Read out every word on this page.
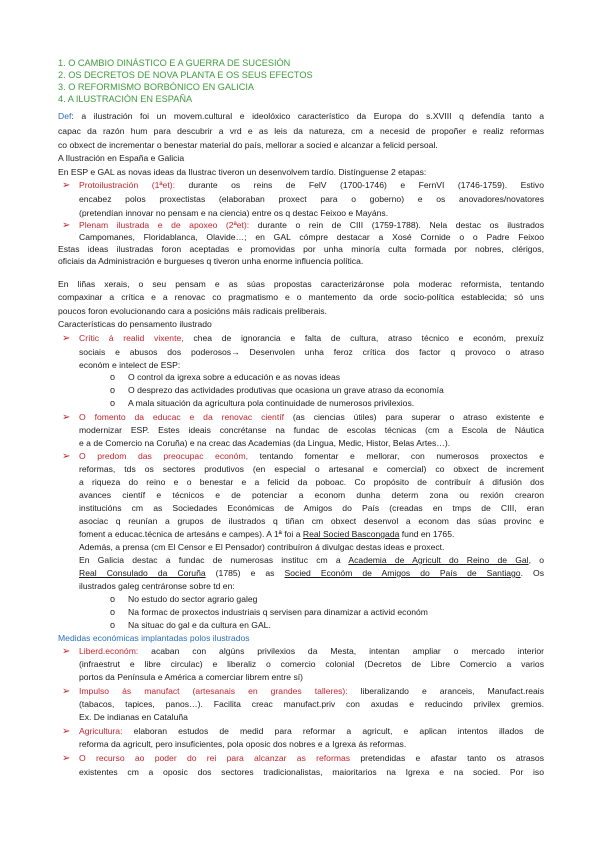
1. O CAMBIO DINÁSTICO E A GUERRA DE SUCESIÓN
2. OS DECRETOS DE NOVA PLANTA E OS SEUS EFECTOS
3. O REFORMISMO BORBÓNICO EN GALICIA
4. A ILUSTRACIÓN EN ESPAÑA
Def: a ilustración foi un movem.cultural e ideolóxico característico da Europa do s.XVIII q defendía tanto a
capac da razón hum para descubrir a vrd e as leis da natureza, cm a necesid de propoñer e realiz reformas
co obxect de incrementar o benestar material do país, mellorar a socied e alcanzar a felicid persoal.
A Ilustración en España e Galicia
En ESP e GAL as novas ideas da Ilustrac tiveron un desenvolvem tardío. Distínguense 2 etapas:
➢ Protoilustración (1ªet): durante os reins de FelV (1700-1746) e FernVI (1746-1759). Estivo
encabez polos proxectistas (elaboraban proxect para o goberno) e os anovadores/novatores
(pretendían innovar no pensam e na ciencia) entre os q destac Feixoo e Mayáns.
➢ Plenam ilustrada e de apoxeo (2ªet): durante o rein de CIII (1759-1788). Nela destac os ilustrados
Campomanes, Floridablanca, Olavide…; en GAL cómpre destacar a Xosé Cornide o o Padre Feixoo
Estas ideas ilustradas foron aceptadas e promovidas por unha minoría culta formada por nobres, clérigos,
oficiais da Administración e burgueses q tiveron unha enorme influencia política.
En liñas xerais, o seu pensam e as súas propostas caracterizáronse pola moderac reformista, tentando
compaxinar a crítica e a renovac co pragmatismo e o mantemento da orde socio-política establecida; só uns
poucos foron evolucionando cara a posicións máis radicais preliberais.
Características do pensamento ilustrado
➢ Crític á realid vixente, chea de ignorancia e falta de cultura, atraso técnico e económ, prexuíz
sociais e abusos dos poderosos→ Desenvolen unha feroz crítica dos factor q provoco o atraso
económ e intelect de ESP:
o O control da igrexa sobre a educación e as novas ideas
o O desprezo das actividades produtivas que ocasiona un grave atraso da economía
o A mala situación da agricultura pola continuidade de numerosos privilexios.
➢ O fomento da educac e da renovac científ (as ciencias útiles) para superar o atraso existente e
modernizar ESP. Estes ideais concrétanse na fundac de escolas técnicas (cm a Escola de Náutica
e a de Comercio na Coruña) e na creac das Academias (da Lingua, Medic, Histor, Belas Artes…).
➢ O predom das preocupac económ, tentando fomentar e mellorar, con numerosos proxectos e
reformas, tds os sectores produtivos (en especial o artesanal e comercial) co obxect de increment
a riqueza do reino e o benestar e a felicid da poboac. Co propósito de contribuír á difusión dos
avances científ e técnicos e de potenciar a econom dunha determ zona ou rexión crearon
institucións cm as Sociedades Económicas de Amigos do País (creadas en tmps de CIII, eran
asociac q reunían a grupos de ilustrados q tiñan cm obxect desenvol a econom das súas provinc e
foment a educac.técnica de artesáns e campes). A 1ª foi a Real Socied Bascongada fund en 1765.
Además, a prensa (cm El Censor e El Pensador) contribuíron á divulgac destas ideas e proxect.
En Galicia destac a fundac de numerosas instituc cm a Academia de Agricult do Reino de Gal, o
Real Consulado da Coruña (1785) e as Socied Económ de Amigos do País de Santiago. Os
ilustrados galeg centráronse sobre td en:
o No estudo do sector agrario galeg
o Na formac de proxectos industriais q servisen para dinamizar a activid económ
o Na situac do gal e da cultura en GAL.
Medidas económicas implantadas polos ilustrados
➢ Liberd.económ: acaban con algúns privilexios da Mesta, intentan ampliar o mercado interior
(infraestrut e libre circulac) e liberaliz o comercio colonial (Decretos de Libre Comercio a varios
portos da Península e América a comerciar librem entre sí)
➢ Impulso ás manufact (artesanais en grandes talleres): liberalizando e aranceis, Manufact.reais
(tabacos, tapices, panos…). Facilita creac manufact.priv con axudas e reducindo privilex gremios.
Ex. De indianas en Cataluña
➢ Agricultura: elaboran estudos de medid para reformar a agricult, e aplican intentos illados de
reforma da agricult, pero insuficientes, pola oposic dos nobres e a Igrexa ás reformas.
➢ O recurso ao poder do rei para alcanzar as reformas pretendidas e afastar tanto os atrasos
existentes cm a oposic dos sectores tradicionalistas, maioritarios na Igrexa e na socied. Por iso
